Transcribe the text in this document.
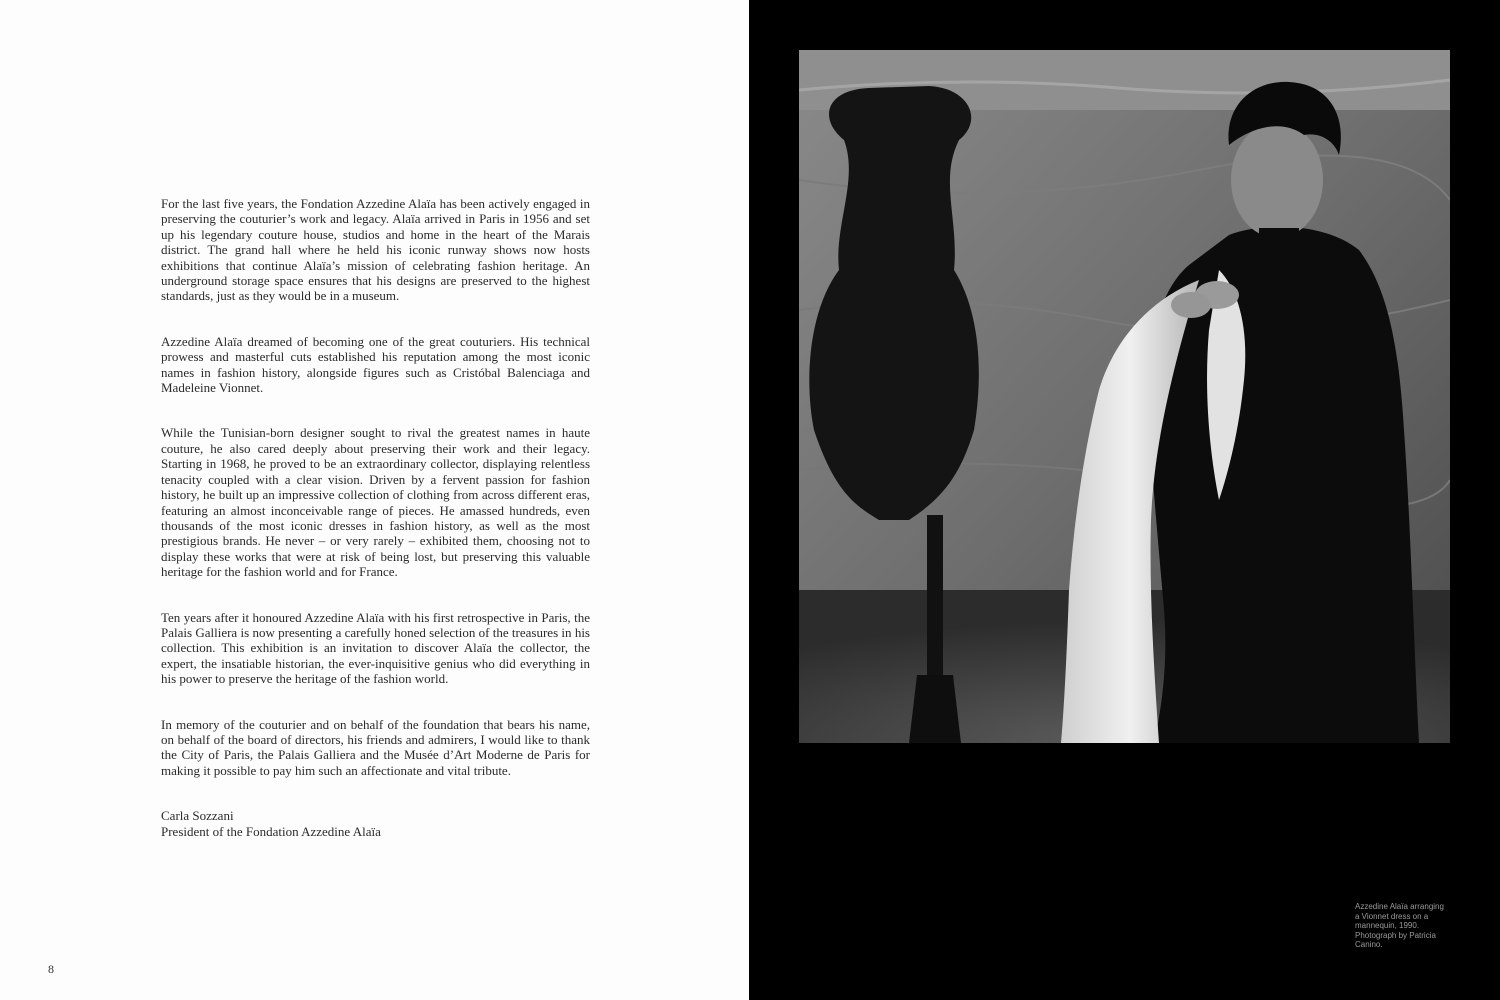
For the last five years, the Fondation Azzedine Alaïa has been actively engaged in preserving the couturier’s work and legacy. Alaïa arrived in Paris in 1956 and set up his legendary couture house, studios and home in the heart of the Marais district. The grand hall where he held his iconic runway shows now hosts exhibitions that continue Alaïa’s mission of celebrating fashion heritage. An underground storage space ensures that his designs are preserved to the highest standards, just as they would be in a museum.

Azzedine Alaïa dreamed of becoming one of the great couturiers. His technical prowess and masterful cuts established his reputation among the most iconic names in fashion history, alongside figures such as Cristóbal Balenciaga and Madeleine Vionnet.

While the Tunisian-born designer sought to rival the greatest names in haute couture, he also cared deeply about preserving their work and their legacy. Starting in 1968, he proved to be an extraordinary collector, displaying relentless tenacity coupled with a clear vision. Driven by a fervent passion for fashion history, he built up an impressive collection of clothing from across different eras, featuring an almost inconceivable range of pieces. He amassed hundreds, even thousands of the most iconic dresses in fashion history, as well as the most prestigious brands. He never – or very rarely – exhibited them, choosing not to display these works that were at risk of being lost, but preserving this valuable heritage for the fashion world and for France.

Ten years after it honoured Azzedine Alaïa with his first retrospective in Paris, the Palais Galliera is now presenting a carefully honed selection of the treasures in his collection. This exhibition is an invitation to discover Alaïa the collector, the expert, the insatiable historian, the ever-inquisitive genius who did everything in his power to preserve the heritage of the fashion world.

In memory of the couturier and on behalf of the foundation that bears his name, on behalf of the board of directors, his friends and admirers, I would like to thank the City of Paris, the Palais Galliera and the Musée d’Art Moderne de Paris for making it possible to pay him such an affectionate and vital tribute.

Carla Sozzani
President of the Fondation Azzedine Alaïa
8
Azzedine Alaïa arranging a Vionnet dress on a mannequin, 1990. Photograph by Patricia Canino.
